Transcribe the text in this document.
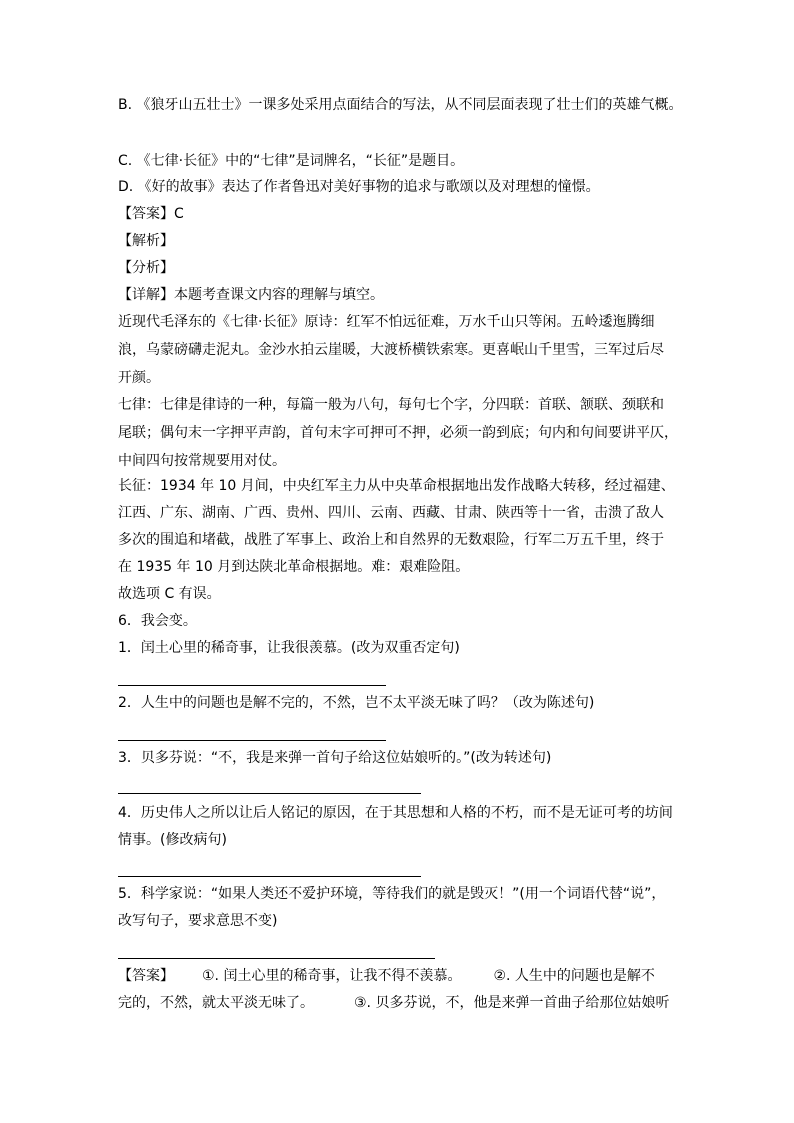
B. 《狼牙山五壮士》一课多处采用点面结合的写法，从不同层面表现了壮士们的英雄气概。
C. 《七律·长征》中的“七律”是词牌名，“长征”是题目。
D. 《好的故事》表达了作者鲁迅对美好事物的追求与歌颂以及对理想的憧憬。
【答案】C
【解析】
【分析】
【详解】本题考查课文内容的理解与填空。
近现代毛泽东的《七律·长征》原诗：红军不怕远征难，万水千山只等闲。五岭逶迤腾细
浪，乌蒙磅礴走泥丸。金沙水拍云崖暖，大渡桥横铁索寒。更喜岷山千里雪，三军过后尽
开颜。
七律：七律是律诗的一种，每篇一般为八句，每句七个字，分四联：首联、颔联、颈联和
尾联；偶句末一字押平声韵，首句末字可押可不押，必须一韵到底；句内和句间要讲平仄，
中间四句按常规要用对仗。
长征：1934 年 10 月间，中央红军主力从中央革命根据地出发作战略大转移，经过福建、
江西、广东、湖南、广西、贵州、四川、云南、西藏、甘肃、陕西等十一省，击溃了敌人
多次的围追和堵截，战胜了军事上、政治上和自然界的无数艰险，行军二万五千里，终于
在 1935 年 10 月到达陕北革命根据地。难：艰难险阻。
故选项 C 有误。
6．我会变。
1．闰土心里的稀奇事，让我很羡慕。(改为双重否定句)
2．人生中的问题也是解不完的，不然，岂不太平淡无味了吗？（改为陈述句)
3．贝多芬说：“不，我是来弹一首句子给这位姑娘听的。”(改为转述句)
4．历史伟人之所以让后人铭记的原因，在于其思想和人格的不朽，而不是无证可考的坊间
情事。(修改病句)
5．科学家说：“如果人类还不爱护环境，等待我们的就是毁灭！”(用一个词语代替“说”，
改写句子，要求意思不变)
【答案】 ①. 闰土心里的稀奇事，让我不得不羡慕。 ②. 人生中的问题也是解不
完的，不然，就太平淡无味了。	③. 贝多芬说，不，他是来弹一首曲子给那位姑娘听
